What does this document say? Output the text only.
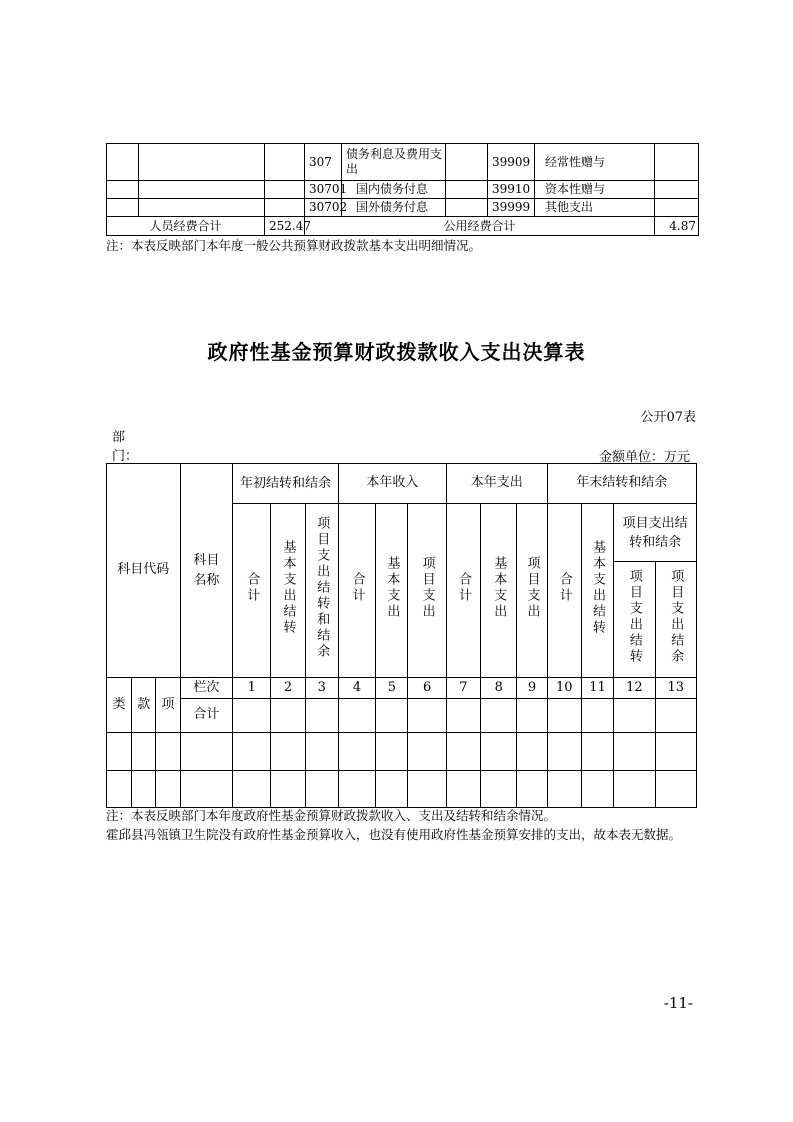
			307	债务利息及费用支出		39909	经常性赠与	
			30701	国内债务付息		39910	资本性赠与	
			30702	国外债务付息		39999	其他支出	
人员经费合计		252.47	公用经费合计					4.87
注：本表反映部门本年度一般公共预算财政拨款基本支出明细情况。
政府性基金预算财政拨款收入支出决算表
公开07表
部门：	金额单位：万元
科目代码			科目名称	年初结转和结余			本年收入			本年支出			年末结转和结余			
				合计	基本支出结转	项目支出结转和结余	合计	基本支出	项目支出	合计	基本支出	项目支出	合计	基本支出结转	项目支出结转和结余	
															项目支出结转	项目支出结余

类	款	项	栏次	1	2	3	4	5	6	7	8	9	10	11	12	13
			合计													

注：本表反映部门本年度政府性基金预算财政拨款收入、支出及结转和结余情况。
霍邱县冯瓴镇卫生院没有政府性基金预算收入，也没有使用政府性基金预算安排的支出，故本表无数据。
-11-
